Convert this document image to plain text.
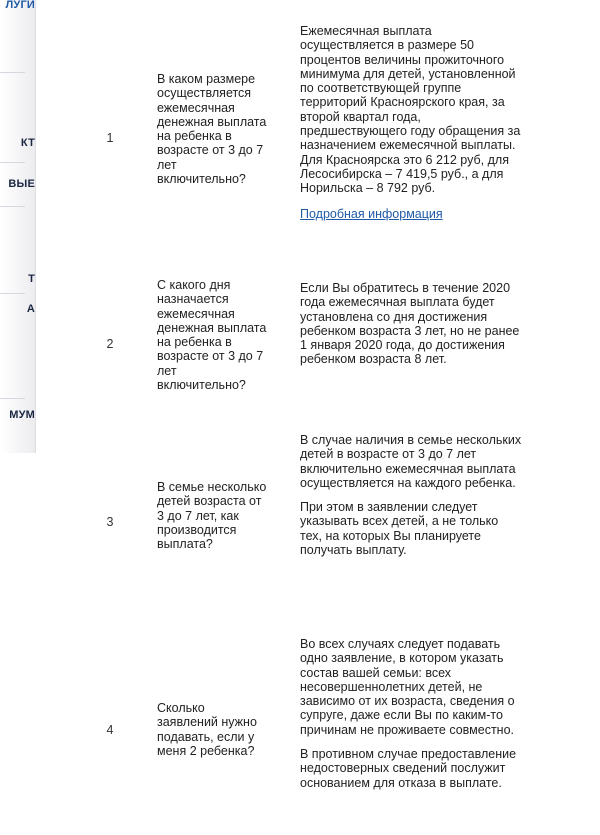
ЛУГИ
КТ
ВЫЕ
Т
А
МУМ
1
В каком размере осуществляется ежемесячная денежная выплата на ребенка в возрасте от 3 до 7 лет включительно?

Ежемесячная выплата осуществляется в размере 50 процентов величины прожиточного минимума для детей, установленной по соответствующей группе территорий Красноярского края, за второй квартал года, предшествующего году обращения за назначением ежемесячной выплаты. Для Красноярска это 6 212 руб, для Лесосибирска – 7 419,5 руб., а для Норильска – 8 792 руб.

Подробная информация
2
С какого дня назначается ежемесячная денежная выплата на ребенка в возрасте от 3 до 7 лет включительно?

Если Вы обратитесь в течение 2020 года ежемесячная выплата будет установлена со дня достижения ребенком возраста 3 лет, но не ранее 1 января 2020 года, до достижения ребенком возраста 8 лет.

3
В семье несколько детей возраста от 3 до 7 лет, как производится выплата?

В случае наличия в семье нескольких детей в возрасте от 3 до 7 лет включительно ежемесячная выплата осуществляется на каждого ребенка.

При этом в заявлении следует указывать всех детей, а не только тех, на которых Вы планируете получать выплату.

4
Сколько заявлений нужно подавать, если у меня 2 ребенка?

Во всех случаях следует подавать одно заявление, в котором указать состав вашей семьи: всех несовершеннолетних детей, не зависимо от их возраста, сведения о супруге, даже если Вы по каким-то причинам не проживаете совместно.

В противном случае предоставление недостоверных сведений послужит основанием для отказа в выплате.
